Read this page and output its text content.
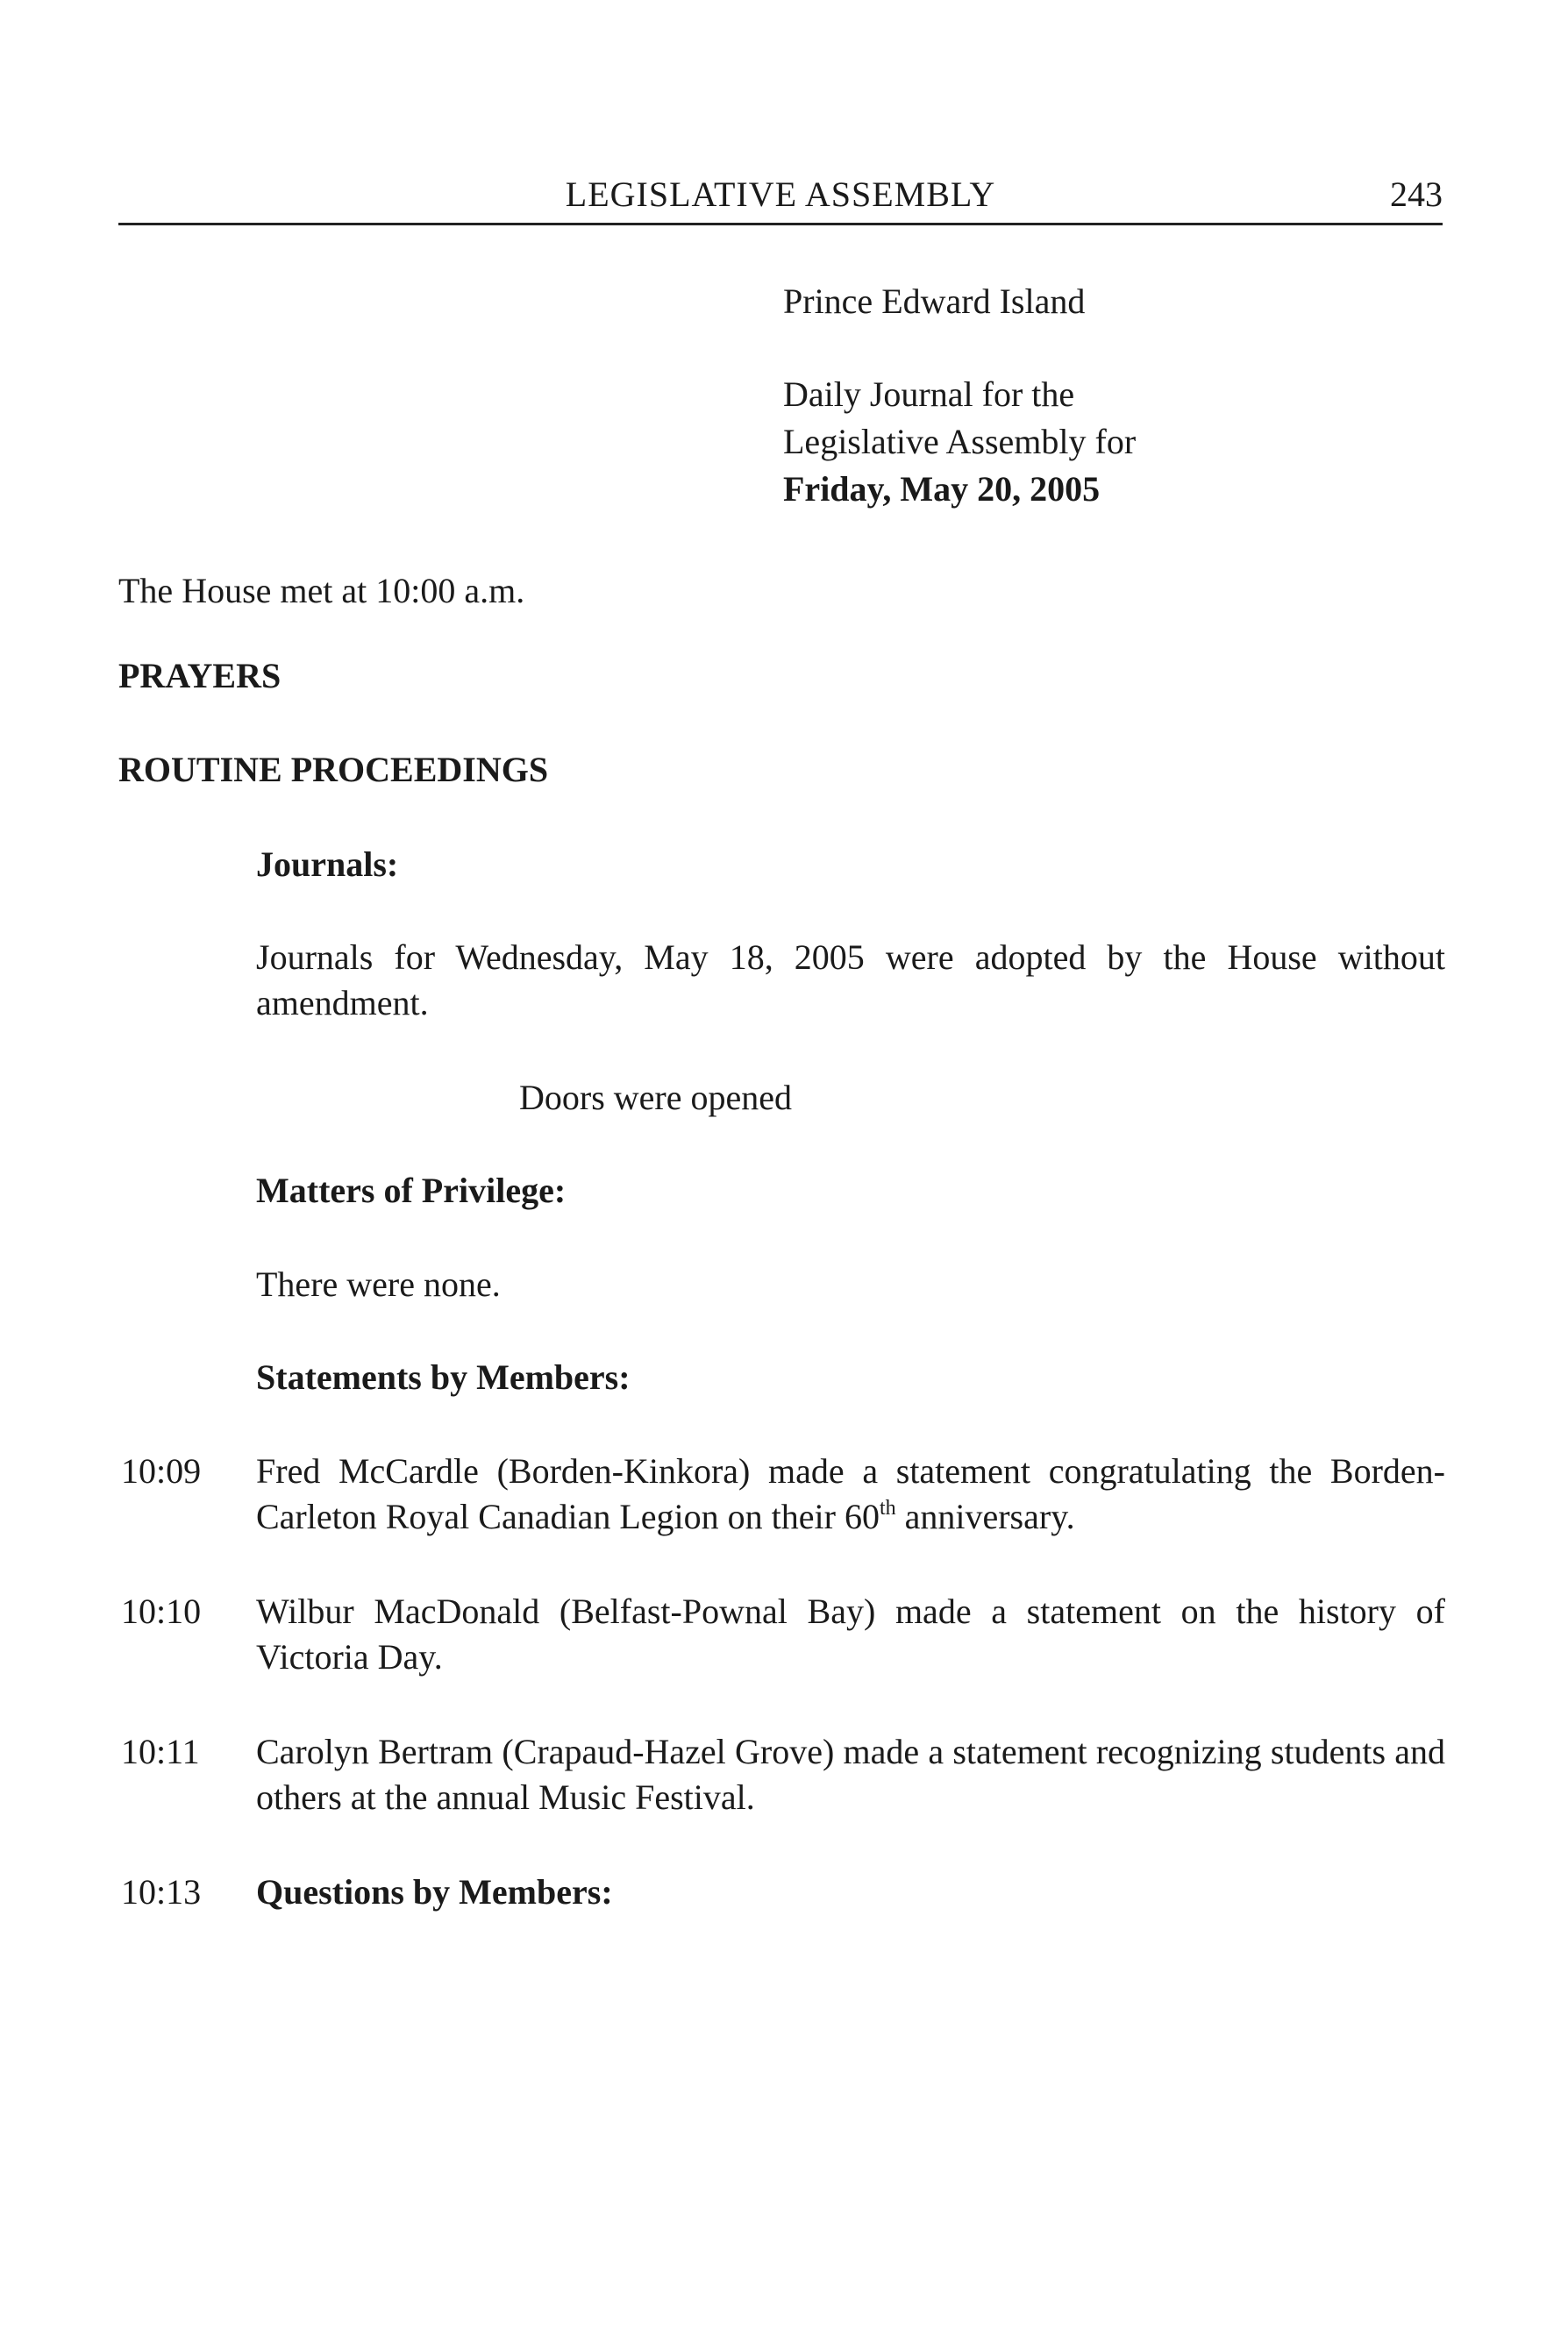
LEGISLATIVE ASSEMBLY	243
Prince Edward Island
Daily Journal for the
Legislative Assembly for
Friday, May 20, 2005
The House met at 10:00 a.m.
PRAYERS
ROUTINE PROCEEDINGS
Journals:
Journals for Wednesday, May 18, 2005 were adopted by the House without amendment.
Doors were opened
Matters of Privilege:
There were none.
Statements by Members:
10:09 Fred McCardle (Borden-Kinkora) made a statement congratulating the Borden-Carleton Royal Canadian Legion on their 60th anniversary.
10:10 Wilbur MacDonald (Belfast-Pownal Bay) made a statement on the history of Victoria Day.
10:11 Carolyn Bertram (Crapaud-Hazel Grove) made a statement recognizing students and others at the annual Music Festival.
10:13 Questions by Members:
